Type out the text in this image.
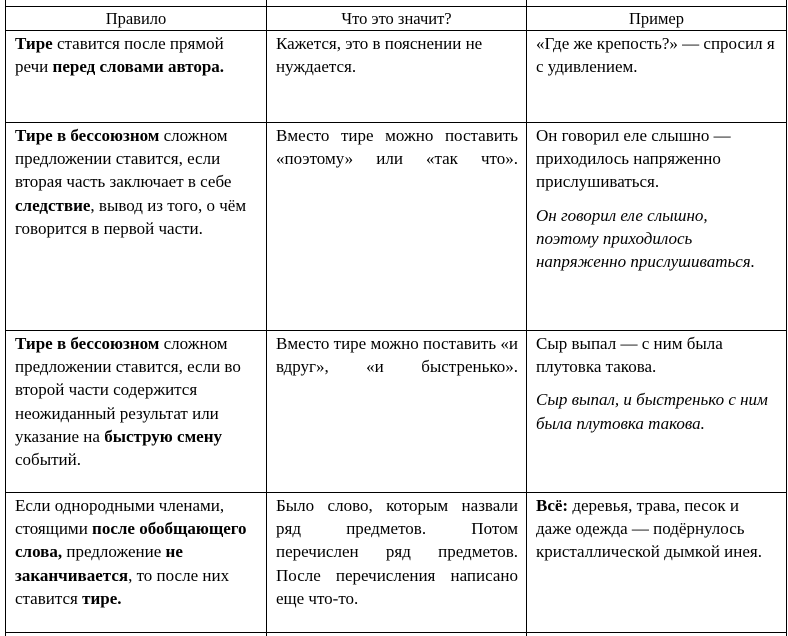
Правило	Что это значит?	Пример
Тире ставится после прямой речи перед словами автора.
Кажется, это в пояснении не нуждается.
«Где же крепость?» — спросил я с удивлением.
Тире в бессоюзном сложном предложении ставится, если вторая часть заключает в себе следствие, вывод из того, о чём говорится в первой части.
Вместо тире можно поставить «поэтому» или «так что».

Он говорил еле слышно — приходилось напряженно прислушиваться.

Он говорил еле слышно, поэтому приходилось напряженно прислушиваться.

Тире в бессоюзном сложном предложении ставится, если во второй части содержится неожиданный результат или указание на быструю смену событий.
Вместо тире можно поставить «и вдруг», «и быстренько».

Сыр выпал — с ним была плутовка такова.

Сыр выпал, и быстренько с ним была плутовка такова.

Если однородными членами, стоящими после обобщающего слова, предложение не заканчивается, то после них ставится тире.
Было слово, которым назвали ряд предметов. Потом перечислен ряд предметов. После перечисления написано еще что-то.
Всё: деревья, трава, песок и даже одежда — подёрнулось кристаллической дымкой инея.
